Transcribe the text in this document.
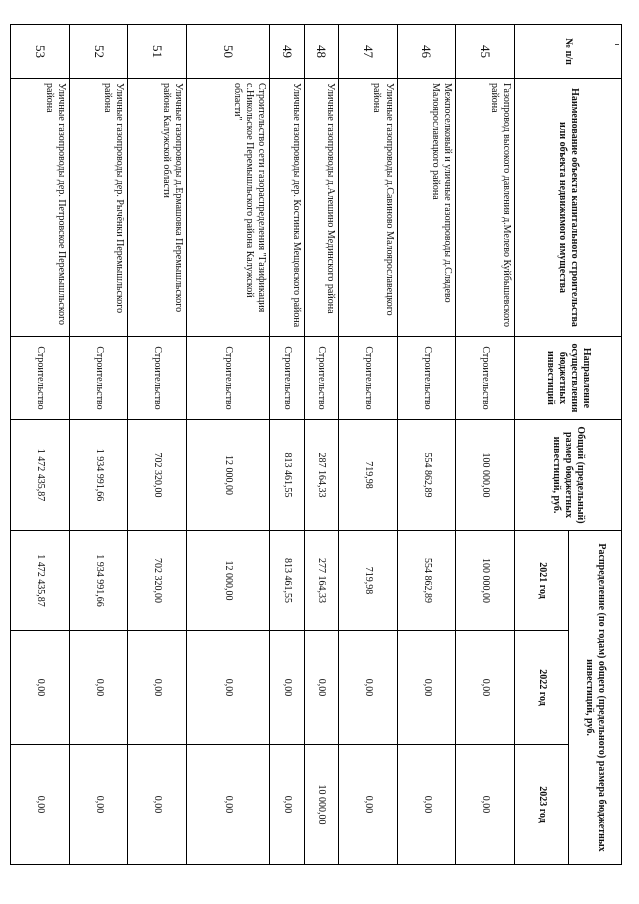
№ п/п	Наименование объекта капитального строительства или объекта недвижимого имущества	Направление осуществления бюджетных инвестиций	Общий (предельный) размер бюджетных инвестиций, руб.	Распределение (по годам) общего (предельного) размера бюджетных инвестиций, руб.		
				2021 год	2022 год	2023 год
45	Газопровод высокого давления д.Мелево Куйбышевского района	Строительство	100 000,00	100 000,00	0,00	0,00
46	Межпоселковый и уличные газопроводы д.Слядево Малоярославецкого района	Строительство	554 862,89	554 862,89	0,00	0,00
47	Уличные газопроводы д.Савиново Малоярославецкого района	Строительство	719,98	719,98	0,00	0,00
48	Уличные газопроводы д.Алешино Мединского района	Строительство	287 164,33	277 164,33	0,00	10 000,00
49	Уличные газопроводы дер. Костинка Мещовского района	Строительство	813 461,55	813 461,55	0,00	0,00
50	Строительство сети газораспределения "Газификация с.Никольское Перемышльского района Калужской области"	Строительство	12 000,00	12 000,00	0,00	0,00
51	Уличные газопроводы д.Ермашовка Перемышльского района Калужской области	Строительство	702 320,00	702 320,00	0,00	0,00
52	Уличные газопроводы дер. Рычёнки Перемышльского района	Строительство	1 934 991,66	1 934 991,66	0,00	0,00
53	Уличные газопроводы дер. Петровское Перемышльского района	Строительство	1 472 435,87	1 472 435,87	0,00	0,00
